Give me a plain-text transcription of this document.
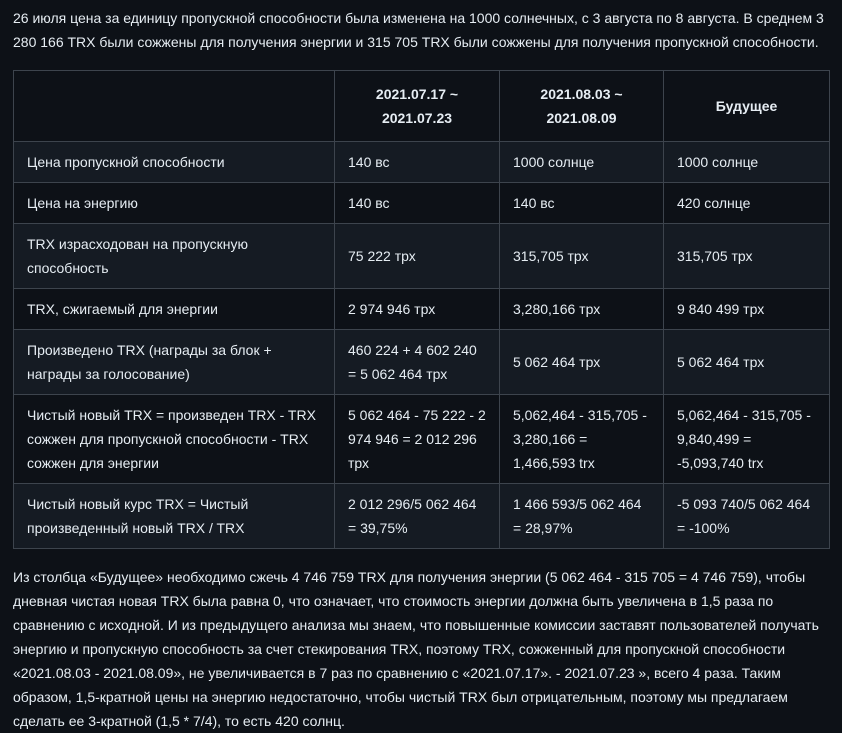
26 июля цена за единицу пропускной способности была изменена на 1000 солнечных, с 3 августа по 8 августа. В среднем 3 280 166 TRX были сожжены для получения энергии и 315 705 TRX были сожжены для получения пропускной способности.

	2021.07.17 ~ 2021.07.23	2021.08.03 ~ 2021.08.09	Будущее
Цена пропускной способности	140 вс	1000 солнце	1000 солнце
Цена на энергию	140 вс	140 вс	420 солнце
TRX израсходован на пропускную способность	75 222 трх	315,705 трх	315,705 трх
TRX, сжигаемый для энергии	2 974 946 трх	3,280,166 трх	9 840 499 трх
Произведено TRX (награды за блок + награды за голосование)	460 224 + 4 602 240 = 5 062 464 трх	5 062 464 трх	5 062 464 трх
Чистый новый TRX = произведен TRX - TRX сожжен для пропускной способности - TRX сожжен для энергии	5 062 464 - 75 222 - 2 974 946 = 2 012 296 трх	5,062,464 - 315,705 - 3,280,166 = 1,466,593 trx	5,062,464 - 315,705 - 9,840,499 = -5,093,740 trx
Чистый новый курс TRX = Чистый произведенный новый TRX / TRX	2 012 296/5 062 464 = 39,75%	1 466 593/5 062 464 = 28,97%	-5 093 740/5 062 464 = -100%

Из столбца «Будущее» необходимо сжечь 4 746 759 TRX для получения энергии (5 062 464 - 315 705 = 4 746 759), чтобы дневная чистая новая TRX была равна 0, что означает, что стоимость энергии должна быть увеличена в 1,5 раза по сравнению с исходной. И из предыдущего анализа мы знаем, что повышенные комиссии заставят пользователей получать энергию и пропускную способность за счет стекирования TRX, поэтому TRX, сожженный для пропускной способности «2021.08.03 - 2021.08.09», не увеличивается в 7 раз по сравнению с «2021.07.17». - 2021.07.23 », всего 4 раза. Таким образом, 1,5-кратной цены на энергию недостаточно, чтобы чистый TRX был отрицательным, поэтому мы предлагаем сделать ее 3-кратной (1,5 * 7/4), то есть 420 солнц.
